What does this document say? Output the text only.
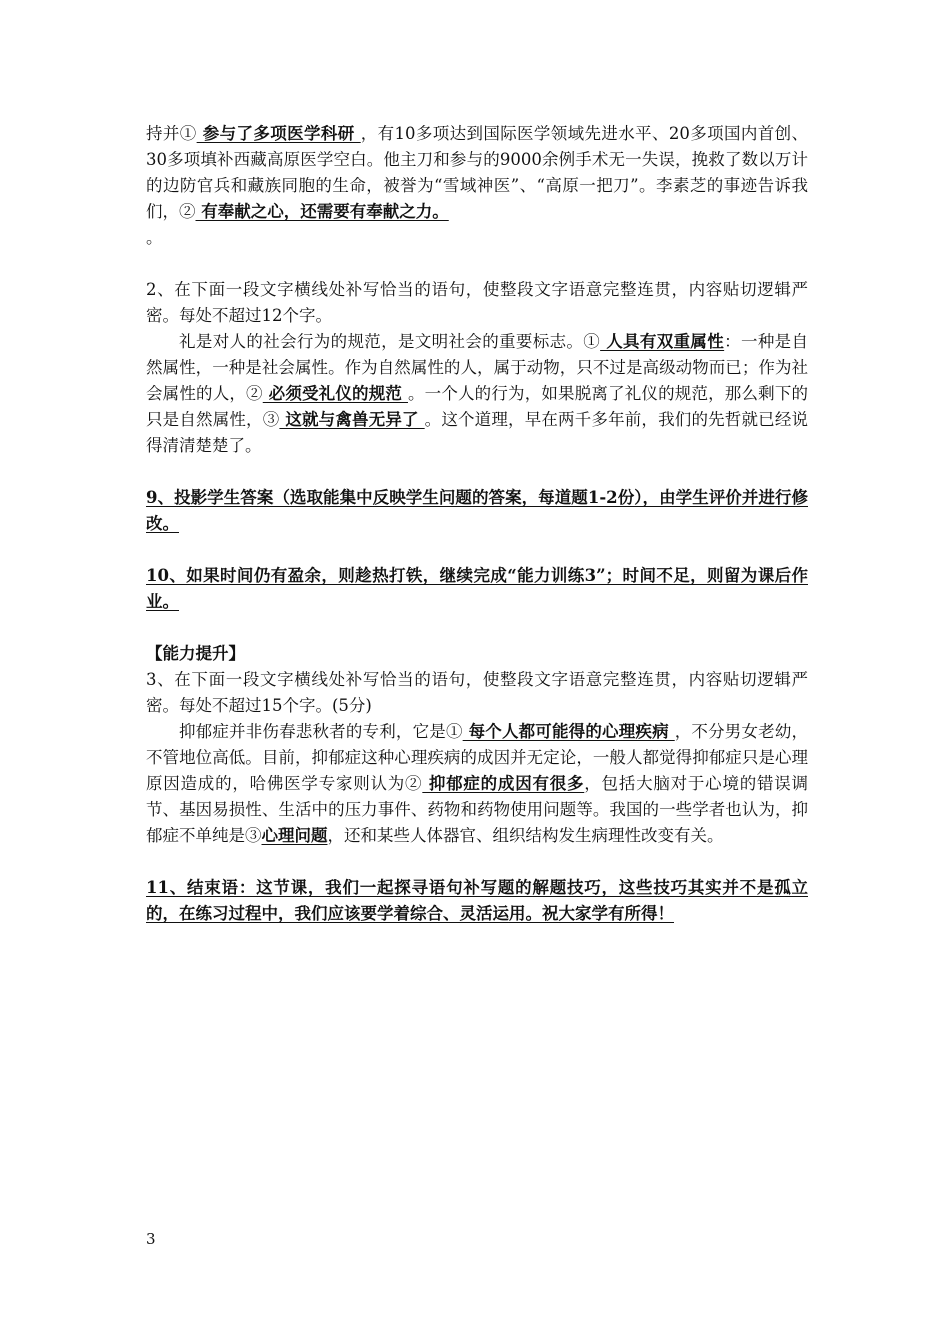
持并① 参与了多项医学科研 ，有10多项达到国际医学领域先进水平、20多项国内首创、30多项填补西藏高原医学空白。他主刀和参与的9000余例手术无一失误，挽救了数以万计的边防官兵和藏族同胞的生命，被誉为“雪域神医”、“高原一把刀”。李素芝的事迹告诉我们，② 有奉献之心，还需要有奉献之力。
。

2、在下面一段文字横线处补写恰当的语句，使整段文字语意完整连贯，内容贴切逻辑严密。每处不超过12个字。

礼是对人的社会行为的规范，是文明社会的重要标志。① 人具有双重属性：一种是自然属性，一种是社会属性。作为自然属性的人，属于动物，只不过是高级动物而已；作为社会属性的人，② 必须受礼仪的规范 。一个人的行为，如果脱离了礼仪的规范，那么剩下的只是自然属性，③ 这就与禽兽无异了 。这个道理，早在两千多年前，我们的先哲就已经说得清清楚楚了。

9、投影学生答案（选取能集中反映学生问题的答案，每道题1-2份），由学生评价并进行修改。

10、如果时间仍有盈余，则趁热打铁，继续完成“能力训练3”；时间不足，则留为课后作业。

【能力提升】

3、在下面一段文字横线处补写恰当的语句，使整段文字语意完整连贯，内容贴切逻辑严密。每处不超过15个字。(5分)

抑郁症并非伤春悲秋者的专利，它是① 每个人都可能得的心理疾病 ，不分男女老幼，不管地位高低。目前，抑郁症这种心理疾病的成因并无定论，一般人都觉得抑郁症只是心理原因造成的，哈佛医学专家则认为② 抑郁症的成因有很多，包括大脑对于心境的错误调节、基因易损性、生活中的压力事件、药物和药物使用问题等。我国的一些学者也认为，抑郁症不单纯是③心理问题，还和某些人体器官、组织结构发生病理性改变有关。

11、结束语：这节课，我们一起探寻语句补写题的解题技巧，这些技巧其实并不是孤立的，在练习过程中，我们应该要学着综合、灵活运用。祝大家学有所得！

3
